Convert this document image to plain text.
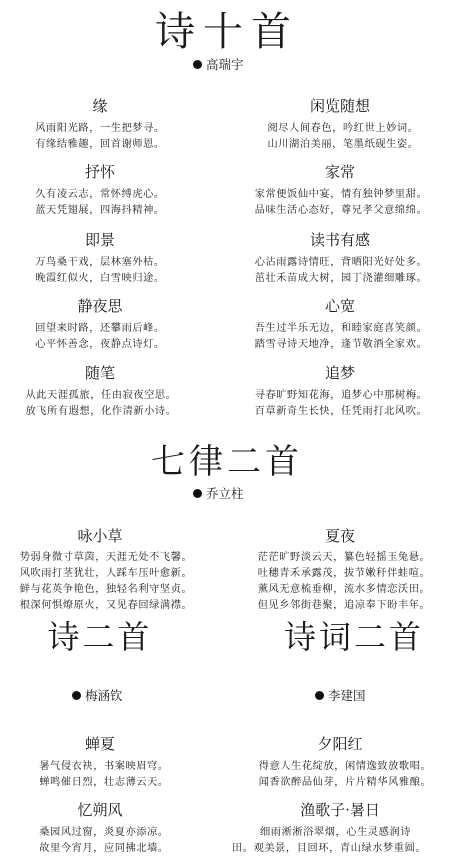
诗十首
高瑞宇
缘
风雨阳光路，一生把梦寻。
有缘结雅趣，回首谢师恩。
闲览随想
阅尽人间春色，吟红世上妙词。
山川湖泊美丽，笔墨纸砚生姿。
抒怀
久有凌云志，常怀缚虎心。
蓝天凭翅展，四海抖精神。
家常
家常便饭仙中宴，情有独钟梦里甜。
品味生活心态好，尊兄孝父意绵绵。
即景
万鸟桑干戏，层林塞外枯。
晚霞红似火，白雪映归途。
读书有感
心沾雨露诗情旺，背晒阳光好处多。
茁壮禾苗成大树，园丁浇灌细雕琢。
静夜思
回望来时路，还攀雨后峰。
心平怀善念，夜静点诗灯。
心宽
吾生过半乐无边，和睦家庭喜笑颜。
踏雪寻诗天地净，逢节敬酒全家欢。
随笔
从此天涯孤旅，任由寂夜空思。
放飞所有遐想，化作清新小诗。
追梦
寻春旷野知花海，追梦心中那树梅。
百草新奇生长快，任凭雨打北风吹。
七律二首
乔立柱
咏小草
势弱身微寸草茵，天涯无处不飞馨。
风吹雨打茎犹壮，人踩车压叶愈新。
鲜与花英争艳色，独轻名利守坚贞。
根深何惧燎原火，又见春回绿满襟。
夏夜
茫茫旷野淡云天，纂色轻摇玉兔悬。
吐穗青禾承露茂，拔节嫩秆伴蛙喧。
薰风无意梳垂柳，流水多情恋沃田。
但见乡邻街巷聚，追凉奉下盼丰年。
诗二首
梅涵钦
诗词二首
李建国
蝉夏
暑气侵衣袂，书案映眉穹。
蝉鸣催日烈，壮志薄云天。
忆朔风
桑园风过窗，炎夏亦添凉。
故里今宵月，应同拂北墙。
夕阳红
得意人生花绽放，闲情逸致放歌唱。
闻香欲醉品仙芽，片片精华风雅酿。
渔歌子·暑日
细雨淅淅浴翠烟，心生灵感润诗
田。观美景，目回环，青山绿水梦重圆。
